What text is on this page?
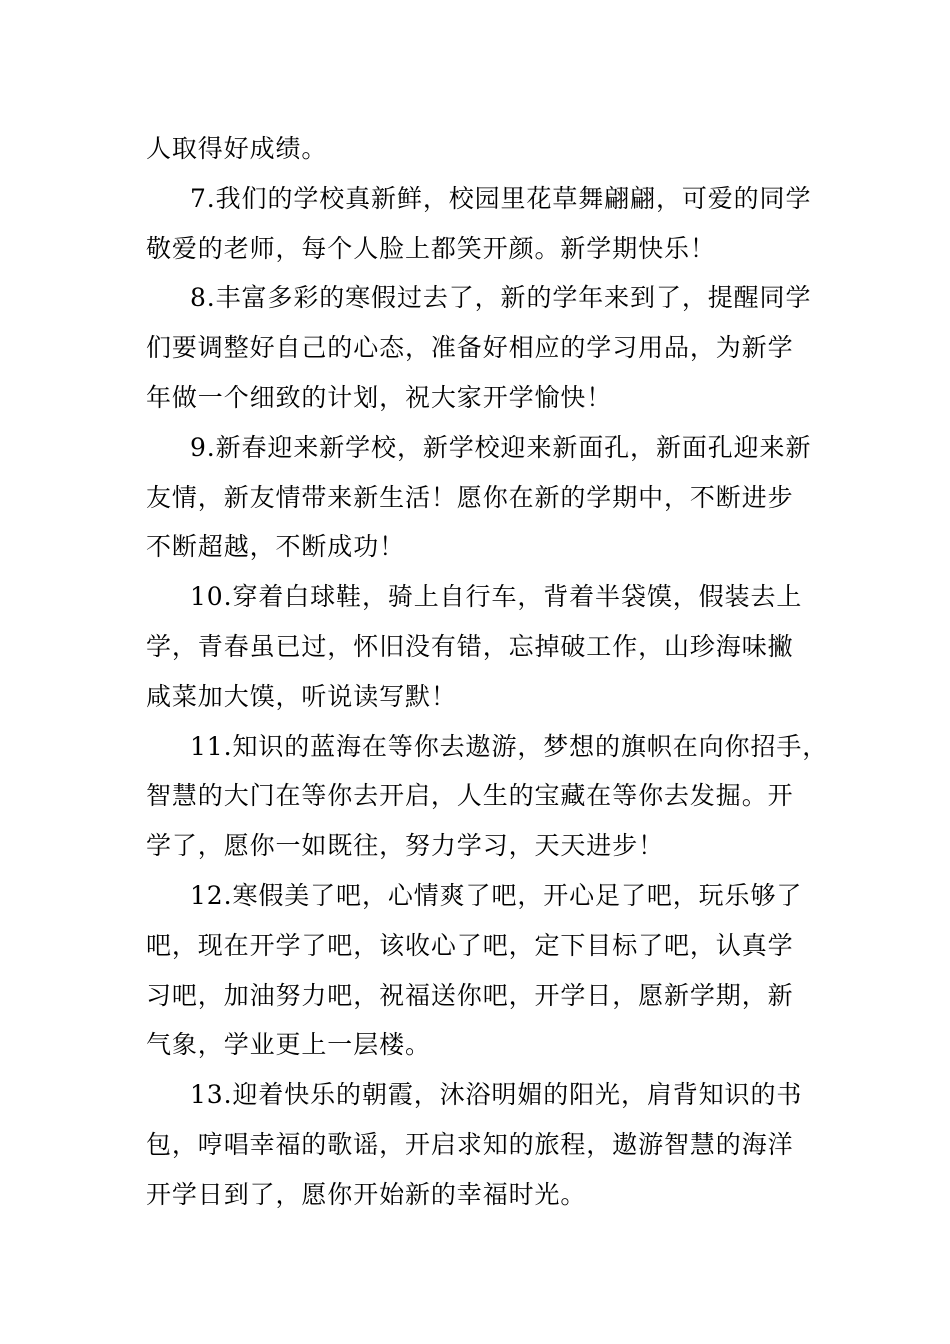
人取得好成绩。
7.我们的学校真新鲜，校园里花草舞翩翩，可爱的同学
敬爱的老师，每个人脸上都笑开颜。新学期快乐！
8.丰富多彩的寒假过去了，新的学年来到了，提醒同学
们要调整好自己的心态，准备好相应的学习用品，为新学
年做一个细致的计划，祝大家开学愉快！
9.新春迎来新学校，新学校迎来新面孔，新面孔迎来新
友情，新友情带来新生活！愿你在新的学期中，不断进步
不断超越，不断成功！
10.穿着白球鞋，骑上自行车，背着半袋馍，假装去上
学，青春虽已过，怀旧没有错，忘掉破工作，山珍海味撇
咸菜加大馍，听说读写默！
11.知识的蓝海在等你去遨游，梦想的旗帜在向你招手，
智慧的大门在等你去开启，人生的宝藏在等你去发掘。开
学了，愿你一如既往，努力学习，天天进步！
12.寒假美了吧，心情爽了吧，开心足了吧，玩乐够了
吧，现在开学了吧，该收心了吧，定下目标了吧，认真学
习吧，加油努力吧，祝福送你吧，开学日，愿新学期，新
气象，学业更上一层楼。
13.迎着快乐的朝霞，沐浴明媚的阳光，肩背知识的书
包，哼唱幸福的歌谣，开启求知的旅程，遨游智慧的海洋
开学日到了，愿你开始新的幸福时光。
